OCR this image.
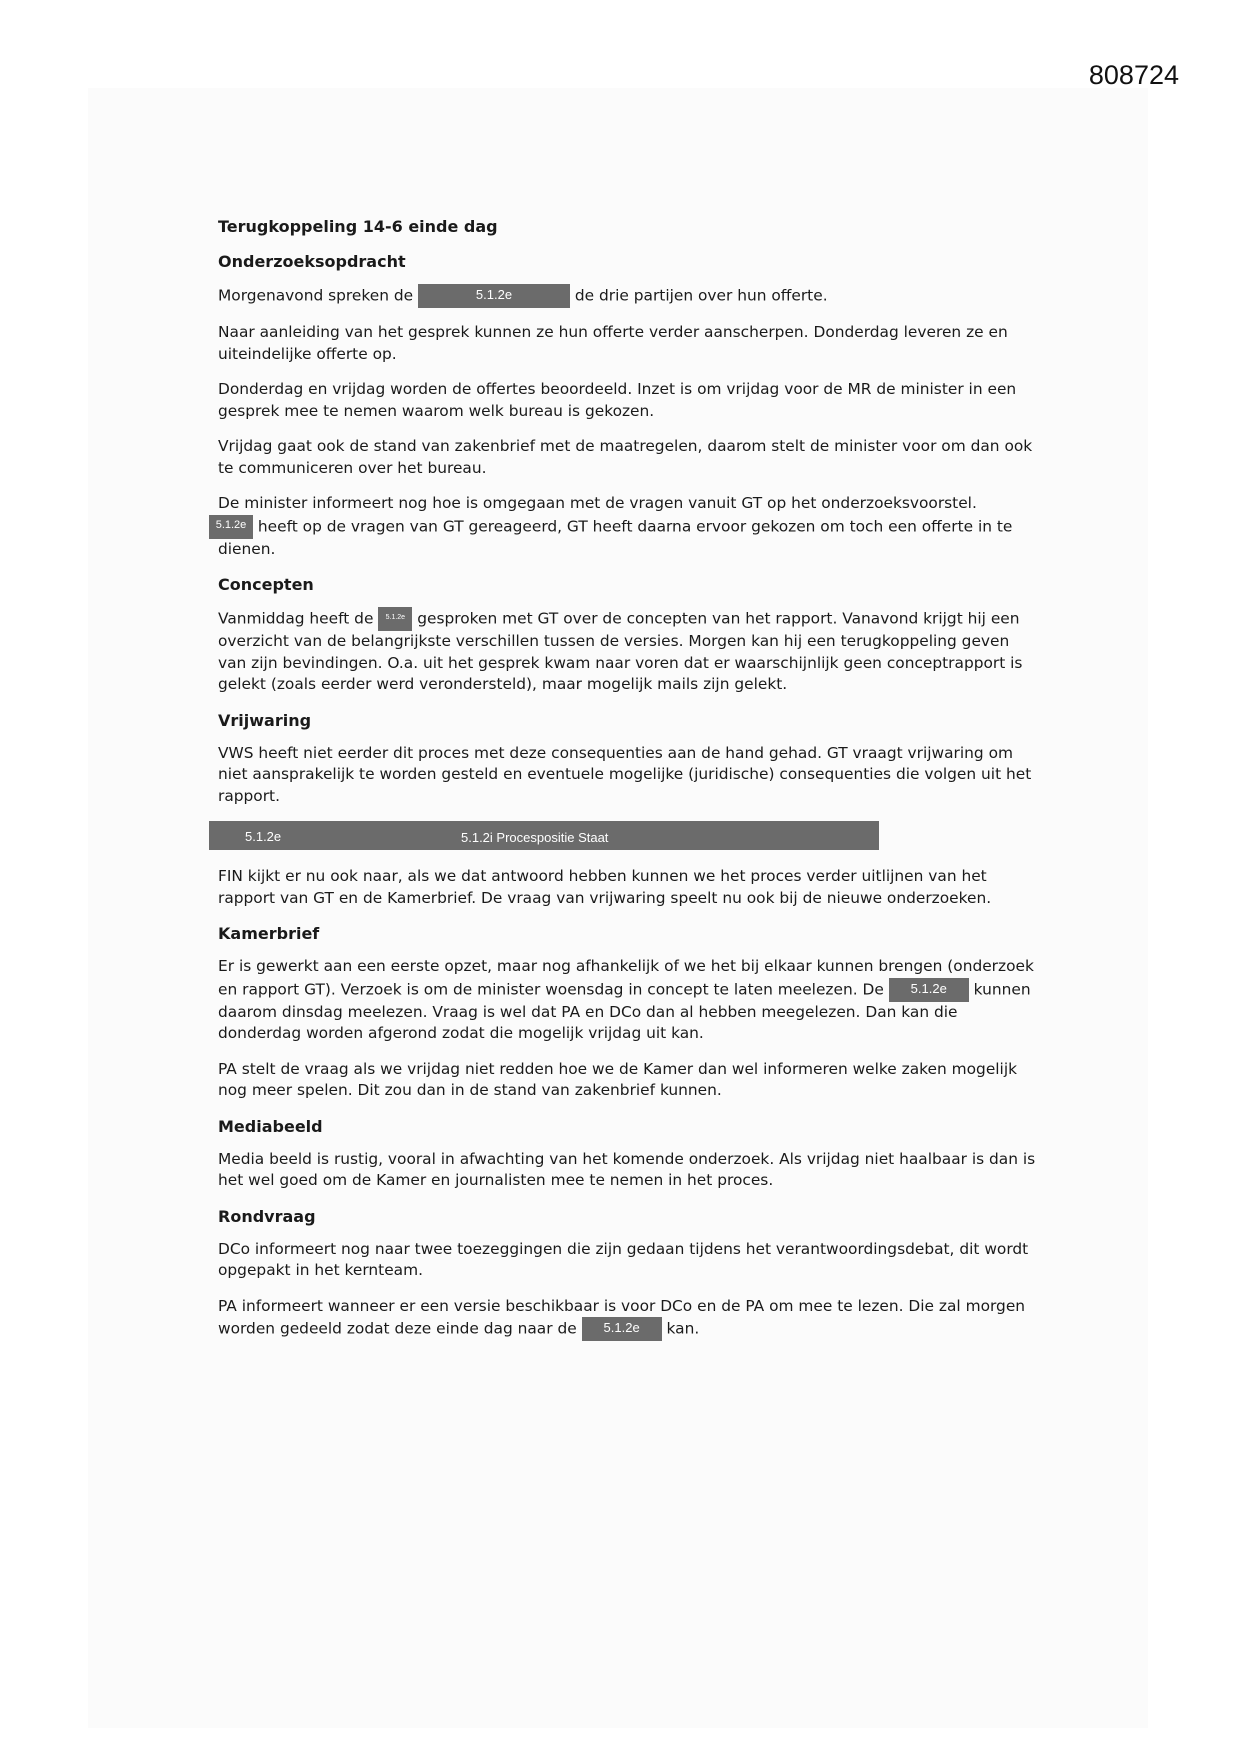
808724
Terugkoppeling 14-6 einde dag
Onderzoeksopdracht

Morgenavond spreken de	5.1.2e	de drie partijen over hun offerte.

Naar aanleiding van het gesprek kunnen ze hun offerte verder aanscherpen. Donderdag leveren ze en uiteindelijke offerte op.

Donderdag en vrijdag worden de offertes beoordeeld. Inzet is om vrijdag voor de MR de minister in een gesprek mee te nemen waarom welk bureau is gekozen.

Vrijdag gaat ook de stand van zakenbrief met de maatregelen, daarom stelt de minister voor om dan ook te communiceren over het bureau.

De minister informeert nog hoe is omgegaan met de vragen vanuit GT op het onderzoeksvoorstel.
5.1.2e heeft op de vragen van GT gereageerd, GT heeft daarna ervoor gekozen om toch een offerte in te dienen.

Concepten

Vanmiddag heeft de 5.1.2e gesproken met GT over de concepten van het rapport. Vanavond krijgt hij een overzicht van de belangrijkste verschillen tussen de versies. Morgen kan hij een terugkoppeling geven van zijn bevindingen. O.a. uit het gesprek kwam naar voren dat er waarschijnlijk geen conceptrapport is gelekt (zoals eerder werd verondersteld), maar mogelijk mails zijn gelekt.

Vrijwaring

VWS heeft niet eerder dit proces met deze consequenties aan de hand gehad. GT vraagt vrijwaring om niet aansprakelijk te worden gesteld en eventuele mogelijke (juridische) consequenties die volgen uit het rapport.

5.1.2e	5.1.2i Procespositie Staat

FIN kijkt er nu ook naar, als we dat antwoord hebben kunnen we het proces verder uitlijnen van het rapport van GT en de Kamerbrief. De vraag van vrijwaring speelt nu ook bij de nieuwe onderzoeken.

Kamerbrief

Er is gewerkt aan een eerste opzet, maar nog afhankelijk of we het bij elkaar kunnen brengen (onderzoek en rapport GT). Verzoek is om de minister woensdag in concept te laten meelezen. De 5.1.2e kunnen daarom dinsdag meelezen. Vraag is wel dat PA en DCo dan al hebben meegelezen. Dan kan die donderdag worden afgerond zodat die mogelijk vrijdag uit kan.

PA stelt de vraag als we vrijdag niet redden hoe we de Kamer dan wel informeren welke zaken mogelijk nog meer spelen. Dit zou dan in de stand van zakenbrief kunnen.

Mediabeeld

Media beeld is rustig, vooral in afwachting van het komende onderzoek. Als vrijdag niet haalbaar is dan is het wel goed om de Kamer en journalisten mee te nemen in het proces.

Rondvraag

DCo informeert nog naar twee toezeggingen die zijn gedaan tijdens het verantwoordingsdebat, dit wordt opgepakt in het kernteam.

PA informeert wanneer er een versie beschikbaar is voor DCo en de PA om mee te lezen. Die zal morgen worden gedeeld zodat deze einde dag naar de 5.1.2e kan.
